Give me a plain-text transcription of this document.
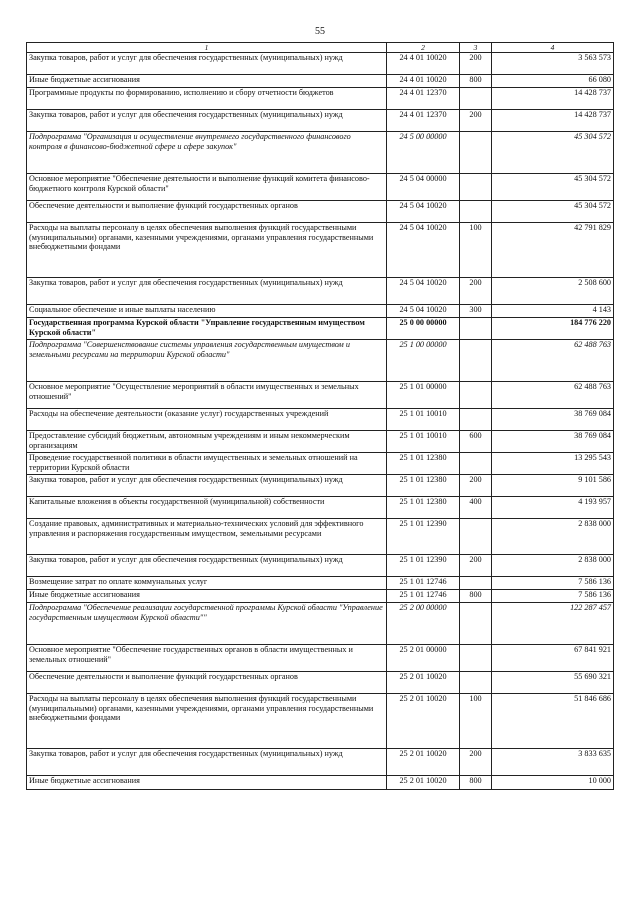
55
1	2	3	4
Закупка товаров, работ и услуг для обеспечения государственных (муниципальных) нужд	24 4 01 10020	200	3 563 573
Иные бюджетные ассигнования	24 4 01 10020	800	66 080
Программные продукты по формированию, исполнению и сбору отчетности бюджетов	24 4 01 12370		14 428 737
Закупка товаров, работ и услуг для обеспечения государственных (муниципальных) нужд	24 4 01 12370	200	14 428 737
Подпрограмма "Организация и осуществление внутреннего государственного финансового контроля в финансово-бюджетной сфере и сфере закупок"	24 5 00 00000		45 304 572
Основное мероприятие "Обеспечение деятельности и выполнение функций комитета финансово-бюджетного контроля Курской области"	24 5 04 00000		45 304 572
Обеспечение деятельности и выполнение функций государственных органов	24 5 04 10020		45 304 572
Расходы на выплаты персоналу в целях обеспечения выполнения функций государственными (муниципальными) органами, казенными учреждениями, органами управления государственными внебюджетными фондами	24 5 04 10020	100	42 791 829
Закупка товаров, работ и услуг для обеспечения государственных (муниципальных) нужд	24 5 04 10020	200	2 508 600
Социальное обеспечение и иные выплаты населению	24 5 04 10020	300	4 143
Государственная программа Курской области "Управление государственным имуществом Курской области"	25 0 00 00000		184 776 220
Подпрограмма "Совершенствование системы управления государственным имуществом и земельными ресурсами на территории Курской области"	25 1 00 00000		62 488 763
Основное мероприятие "Осуществление мероприятий в области имущественных и земельных отношений"	25 1 01 00000		62 488 763
Расходы на обеспечение деятельности (оказание услуг) государственных учреждений	25 1 01 10010		38 769 084
Предоставление субсидий бюджетным, автономным учреждениям и иным некоммерческим организациям	25 1 01 10010	600	38 769 084
Проведение государственной политики в области имущественных и земельных отношений на территории Курской области	25 1 01 12380		13 295 543
Закупка товаров, работ и услуг для обеспечения государственных (муниципальных) нужд	25 1 01 12380	200	9 101 586
Капитальные вложения в объекты государственной (муниципальной) собственности	25 1 01 12380	400	4 193 957
Создание правовых, административных и материально-технических условий для эффективного управления и распоряжения государственным имуществом, земельными ресурсами	25 1 01 12390		2 838 000
Закупка товаров, работ и услуг для обеспечения государственных (муниципальных) нужд	25 1 01 12390	200	2 838 000
Возмещение затрат по оплате коммунальных услуг	25 1 01 12746		7 586 136
Иные бюджетные ассигнования	25 1 01 12746	800	7 586 136
Подпрограмма "Обеспечение реализации государственной программы Курской области "Управление государственным имуществом Курской области""	25 2 00 00000		122 287 457
Основное мероприятие "Обеспечение государственных органов в области имущественных и земельных отношений"	25 2 01 00000		67 841 921
Обеспечение деятельности и выполнение функций государственных органов	25 2 01 10020		55 690 321
Расходы на выплаты персоналу в целях обеспечения выполнения функций государственными (муниципальными) органами, казенными учреждениями, органами управления государственными внебюджетными фондами	25 2 01 10020	100	51 846 686
Закупка товаров, работ и услуг для обеспечения государственных (муниципальных) нужд	25 2 01 10020	200	3 833 635
Иные бюджетные ассигнования	25 2 01 10020	800	10 000
